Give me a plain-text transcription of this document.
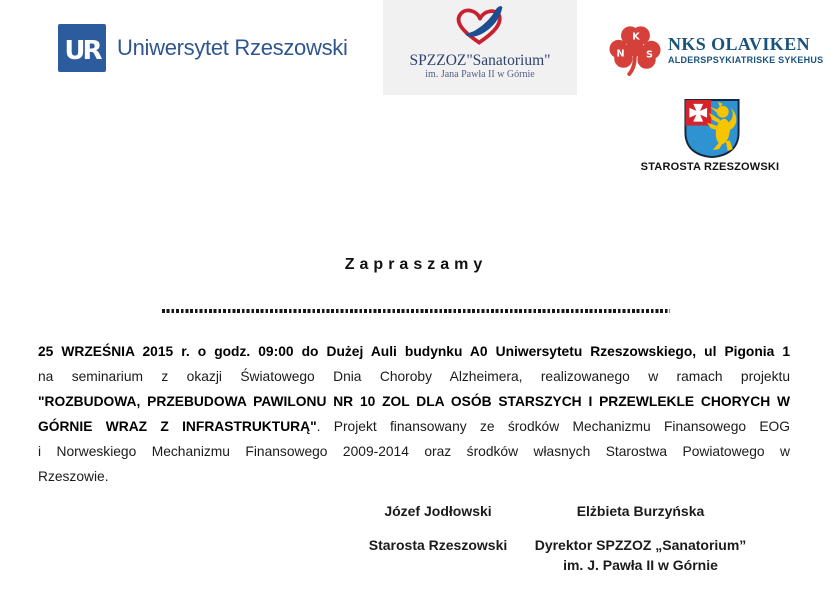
UR Uniwersytet Rzeszowski
SPZZOZ"Sanatorium"
im. Jana Pawła II w Górnie
K
N S
NKS OLAVIKEN
ALDERSPSYKIATRISKE SYKEHUS
STAROSTA RZESZOWSKI
Zapraszamy
25 WRZEŚNIA 2015 r. o godz. 09:00 do Dużej Auli budynku A0 Uniwersytetu Rzeszowskiego, ul Pigonia 1
na seminarium z okazji Światowego Dnia Choroby Alzheimera, realizowanego w ramach projektu
"ROZBUDOWA, PRZEBUDOWA PAWILONU NR 10 ZOL DLA OSÓB STARSZYCH I PRZEWLEKLE CHORYCH W
GÓRNIE WRAZ Z INFRASTRUKTURĄ". Projekt finansowany ze środków Mechanizmu Finansowego EOG
i Norweskiego Mechanizmu Finansowego 2009-2014 oraz środków własnych Starostwa Powiatowego w
Rzeszowie.
Józef Jodłowski
Starosta Rzeszowski
Elżbieta Burzyńska
Dyrektor SPZZOZ „Sanatorium”
im. J. Pawła II w Górnie
